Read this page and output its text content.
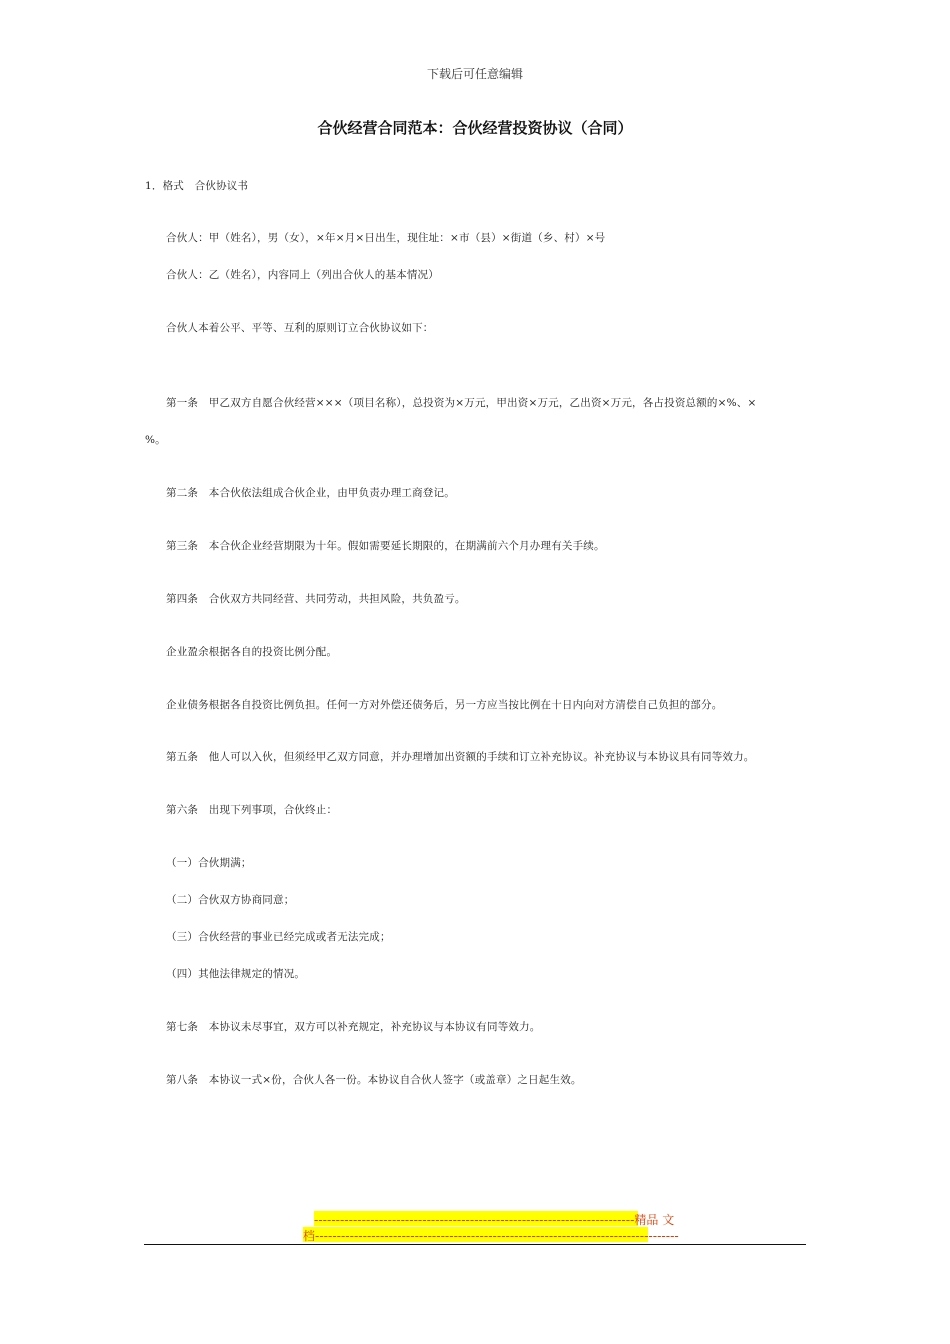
下载后可任意编辑
合伙经营合同范本：合伙经营投资协议（合同）
1．格式　合伙协议书
合伙人：甲（姓名），男（女），×年×月×日出生，现住址：×市（县）×街道（乡、村）×号
合伙人：乙（姓名），内容同上（列出合伙人的基本情况）
合伙人本着公平、平等、互利的原则订立合伙协议如下：
第一条　甲乙双方自愿合伙经营×××（项目名称），总投资为×万元，甲出资×万元，乙出资×万元，各占投资总额的×%、×
%。
第二条　本合伙依法组成合伙企业，由甲负责办理工商登记。
第三条　本合伙企业经营期限为十年。假如需要延长期限的，在期满前六个月办理有关手续。
第四条　合伙双方共同经营、共同劳动，共担风险，共负盈亏。
企业盈余根据各自的投资比例分配。
企业债务根据各自投资比例负担。任何一方对外偿还债务后，另一方应当按比例在十日内向对方清偿自己负担的部分。
第五条　他人可以入伙，但须经甲乙双方同意，并办理增加出资额的手续和订立补充协议。补充协议与本协议具有同等效力。
第六条　出现下列事项，合伙终止：
（一）合伙期满；
（二）合伙双方协商同意；
（三）合伙经营的事业已经完成或者无法完成；
（四）其他法律规定的情况。
第七条　本协议未尽事宜，双方可以补充规定，补充协议与本协议有同等效力。
第八条　本协议一式×份，合伙人各一份。本协议自合伙人签字（或盖章）之日起生效。
--------------------------------------------------------------------------精品 文
档------------------------------------------------------------------------------------
